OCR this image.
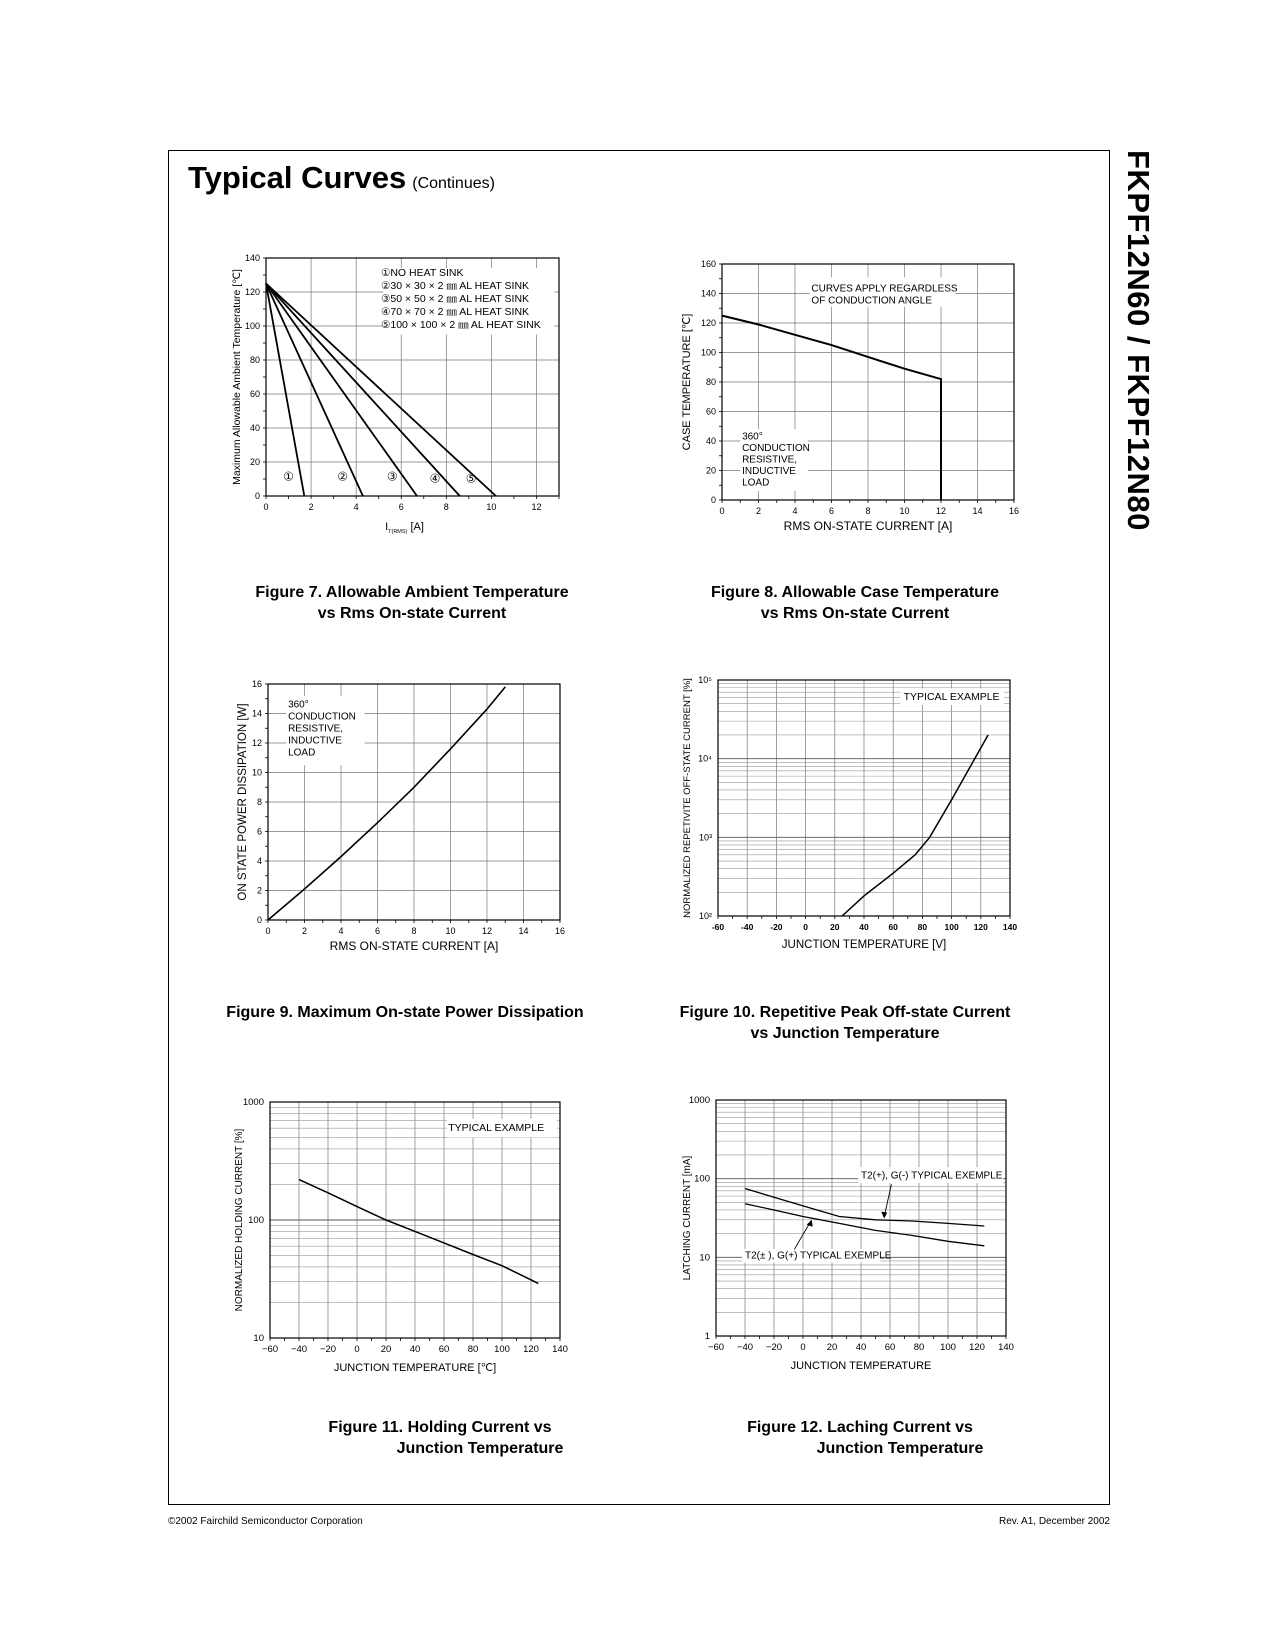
Typical Curves (Continues)	FKPF12N60 / FKPF12N80
0	2	4	6	8	10	12
0
20
40
60
80
100
120
140
①NO HEAT SINK
②30 × 30 × 2 ㎜ AL HEAT SINK
③50 × 50 × 2 ㎜ AL HEAT SINK
④70 × 70 × 2 ㎜ AL HEAT SINK
⑤100 × 100 × 2 ㎜ AL HEAT SINK
①	②	③	④ ⑤
Maximum Allowable Ambient Temperature [℃]
$I_{T(RMS)}$ [A]
Figure 7. Allowable Ambient Temperature
vs Rms On-state Current
0	2	4	6	8	10	12	14	16
0
20
40
60
80
100
120
140
160
CURVES APPLY REGARDLESS
OF CONDUCTION ANGLE
360°
CONDUCTION
RESISTIVE,
INDUCTIVE
LOAD
CASE TEMPERATURE [℃]
RMS ON-STATE CURRENT [A]
Figure 8. Allowable Case Temperature
vs Rms On-state Current
0	2	4	6	8	10	12	14	16
0
2
4
6
8
10
12
14
16
360°
CONDUCTION
RESISTIVE,
INDUCTIVE
LOAD
ON STATE POWER DISSIPATION [W]
RMS ON-STATE CURRENT [A]
Figure 9. Maximum On-state Power Dissipation
-60 -40 -20 0	20 40 60 80 100 120 140
10²
10³
10⁴
10⁵
TYPICAL EXAMPLE
NORMALIZED REPETIVITE OFF-STATE CURRENT [%]
JUNCTION TEMPERATURE [V]
Figure 10. Repetitive Peak Off-state Current
vs Junction Temperature
−60 −40 −20 0 20 40 60 80 100 120 140
10
100
1000
TYPICAL EXAMPLE
NORMALIZED HOLDING CURRENT [%]
JUNCTION TEMPERATURE [℃]
Figure 11. Holding Current vs
Junction Temperature
−60 −40 −20 0 20 40 60 80 100 120 140
1
10
100
1000
T2(+), G(-) TYPICAL EXEMPLE
T2(± ), G(+) TYPICAL EXEMPLE
LATCHING CURRENT [mA]
JUNCTION TEMPERATURE
Figure 12. Laching Current vs
Junction Temperature
©2002 Fairchild Semiconductor Corporation	Rev. A1, December 2002
